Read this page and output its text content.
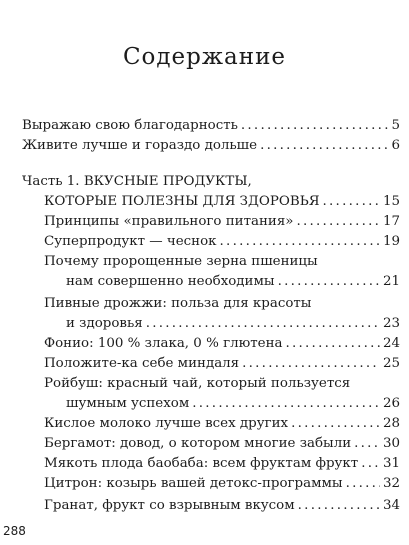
Содержание
Выражаю свою благодарность . . .	5
Живите лучше и гораздо дольше . . .	6
Часть 1. ВКУСНЫЕ ПРОДУКТЫ,
КОТОРЫЕ ПОЛЕЗНЫ ДЛЯ ЗДОРОВЬЯ . . .	15
Принципы «правильного питания» . . .	17
Суперпродукт — чеснок . . .	19
Почему пророщенные зерна пшеницы
нам совершенно необходимы . . .	21
Пивные дрожжи: польза для красоты
и здоровья . . .	23
Фонио: 100 % злака, 0 % глютена . . .	24
Положите-ка себе миндаля . . .	25
Ройбуш: красный чай, который пользуется
шумным успехом . . .	26
Кислое молоко лучше всех других . . .	28
Бергамот: довод, о котором многие забыли . . . 30
Мякоть плода баобаба: всем фруктам фрукт . . . 31
Цитрон: козырь вашей детокс-программы . . .	32
Гранат, фрукт со взрывным вкусом . . .	34
288
